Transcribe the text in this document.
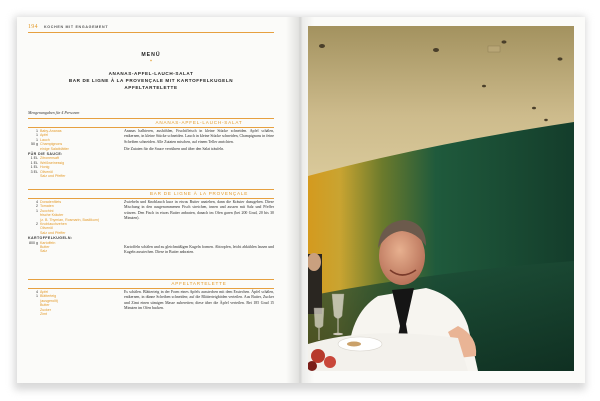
194 KOCHEN MIT ENGAGEMENT
MENÜ
*
ANANAS-APFEL-LAUCH-SALAT
BAR DE LIGNE À LA PROVENÇALE MIT KARTOFFELKUGELN
APFELTARTELETTE
Mengenangaben für 4 Personen
ANANAS-APFEL-LAUCH-SALAT
1 Baby-Ananas
1 Apfel
1 Lauch
50 g Champignons
einige Salatblätter
FÜR DIE SAUCE:
1 EL Zitronensaft
1 EL Weißweinessig
1 EL Honig
3 EL Olivenöl
Salz und Pfeffer

Ananas halbieren, aushöhlen, Fruchtfleisch in kleine Stücke schneiden. Apfel schälen, entkernen, in kleine Stücke schneiden. Lauch in kleine Stücke schneiden, Champignons in feine Scheiben schneiden. Alle Zutaten mischen, auf einem Teller anrichten.

Die Zutaten für die Sauce verrühren und über den Salat träufeln.

BAR DE LIGNE À LA PROVENÇALE
4 Doradenfilets
2 Tomaten
1 Zucchini
frische Kräuter
(z. B. Thymian, Rosmarin, Basilikum)
2 Knoblauchzehen
Olivenöl
Salz und Pfeffer
KARTOFFELKUGELN:
800 g Kartoffeln
Butter
Salz

Zwiebeln und Knoblauch kurz in etwas Butter anziehen, dann die Kräuter dazugeben. Diese Mischung in den ausgenommenen Fisch streichen, innen und aussen mit Salz und Pfeffer würzen. Den Fisch in etwas Butter anbraten, danach im Ofen garen (bei 200 Grad, 20 bis 30 Minuten).

Kartoffeln schälen und zu gleichmäßigen Kugeln formen. Abtropfen, leicht abkühlen lassen und Kugeln ausstechen. Diese in Butter anbraten.

APFELTARTELETTE
4 Äpfel
1 Blätterteig
(ausgerollt)
Butter
Zucker
Zimt

Es schälen. Blätterteig in der Form eines Apfels ausstechen mit dem Esstechen. Äpfel schälen, entkernen, in dünne Scheiben schneiden; auf die Blätterteigböden verteilen. Aus Butter, Zucker und Zimt einen sämigen Masse zubereiten; diese über die Äpfel verteilen. Bei 185 Grad 15 Minuten im Ofen backen.
